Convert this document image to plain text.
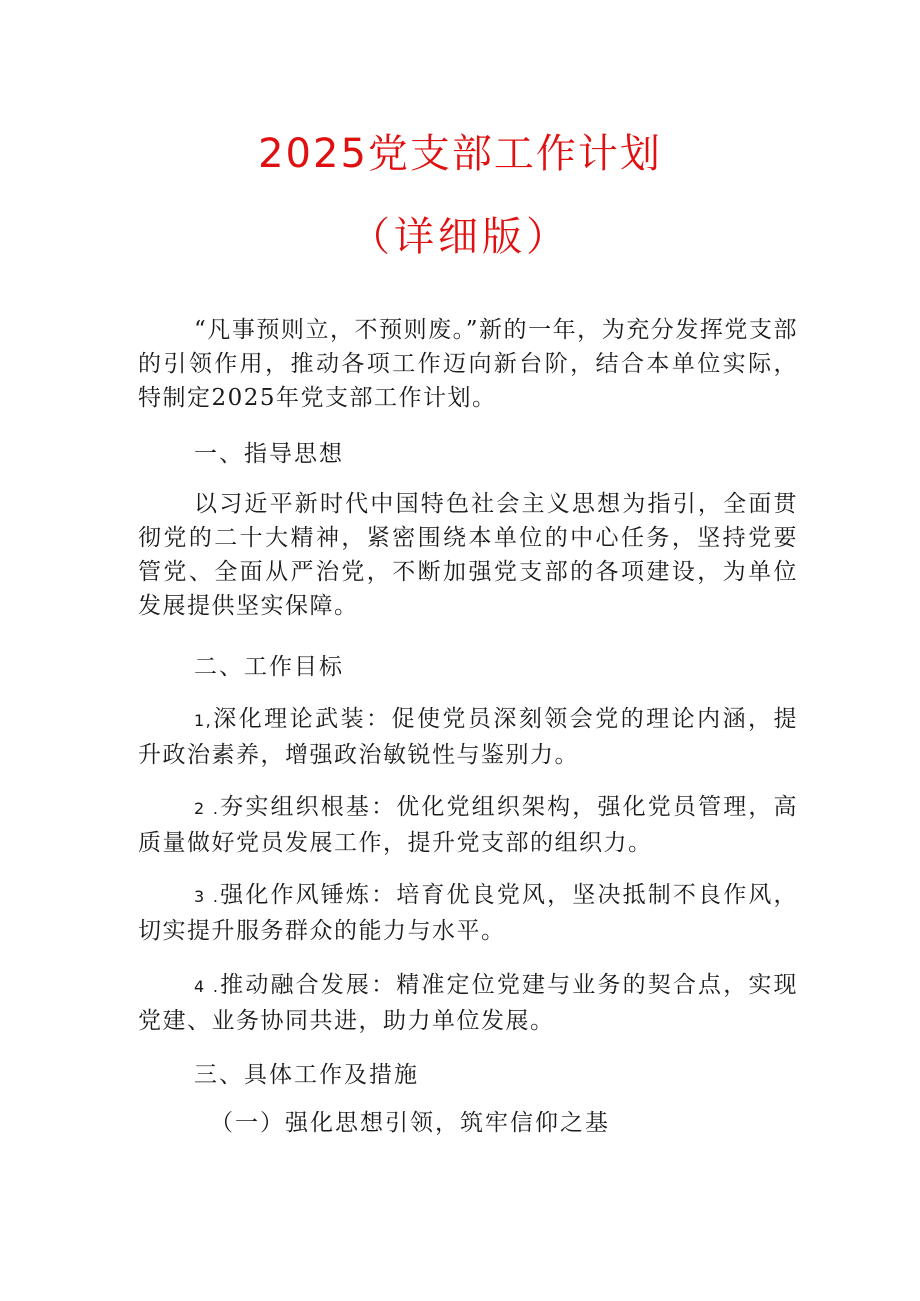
2025党支部工作计划
（详细版）

“凡事预则立，不预则废。”新的一年，为充分发挥党支部的引领作用，推动各项工作迈向新台阶，结合本单位实际，特制定2025年党支部工作计划。

一、指导思想

以习近平新时代中国特色社会主义思想为指引，全面贯彻党的二十大精神，紧密围绕本单位的中心任务，坚持党要管党、全面从严治党，不断加强党支部的各项建设，为单位发展提供坚实保障。

二、工作目标

1,深化理论武装：促使党员深刻领会党的理论内涵，提升政治素养，增强政治敏锐性与鉴别力。

2 .夯实组织根基：优化党组织架构，强化党员管理，高质量做好党员发展工作，提升党支部的组织力。

3 .强化作风锤炼：培育优良党风，坚决抵制不良作风，切实提升服务群众的能力与水平。

4 .推动融合发展：精准定位党建与业务的契合点，实现党建、业务协同共进，助力单位发展。

三、具体工作及措施

（一）强化思想引领，筑牢信仰之基
